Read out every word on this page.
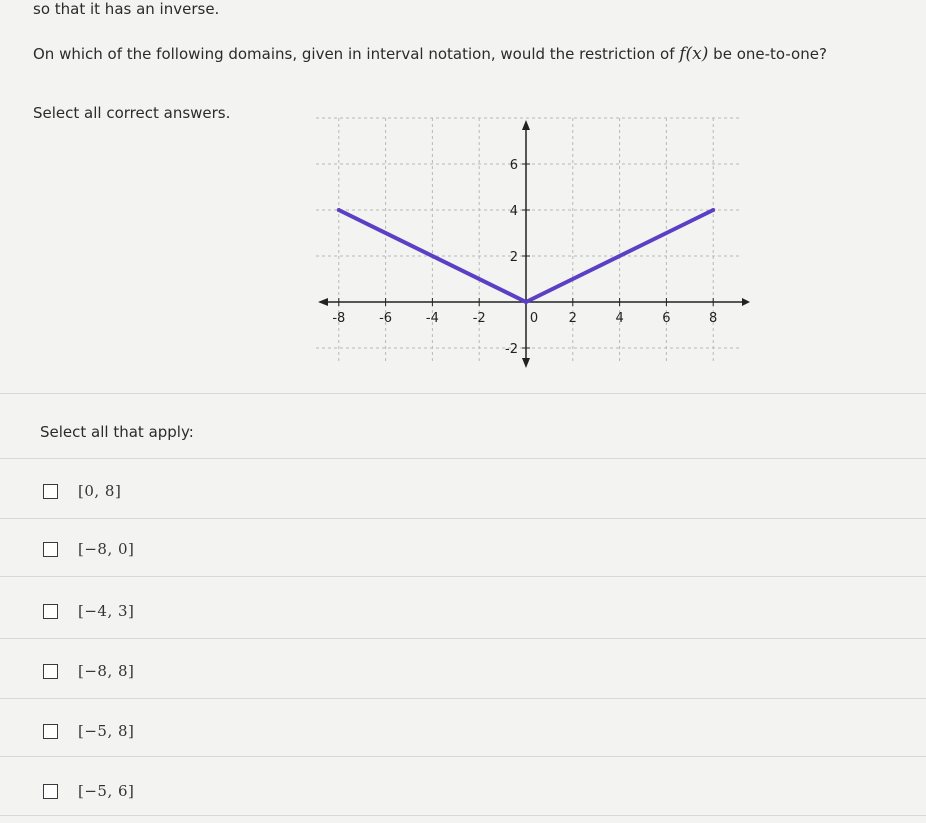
so that it has an inverse.
On which of the following domains, given in interval notation, would the restriction of f(x) be one-to-one?
Select all correct answers.
-8	-6	-4	-2	0 2	4	6	8
-2
2
4
6
Select all that apply:
[0, 8]
[−8, 0]
[−4, 3]
[−8, 8]
[−5, 8]
[−5, 6]
